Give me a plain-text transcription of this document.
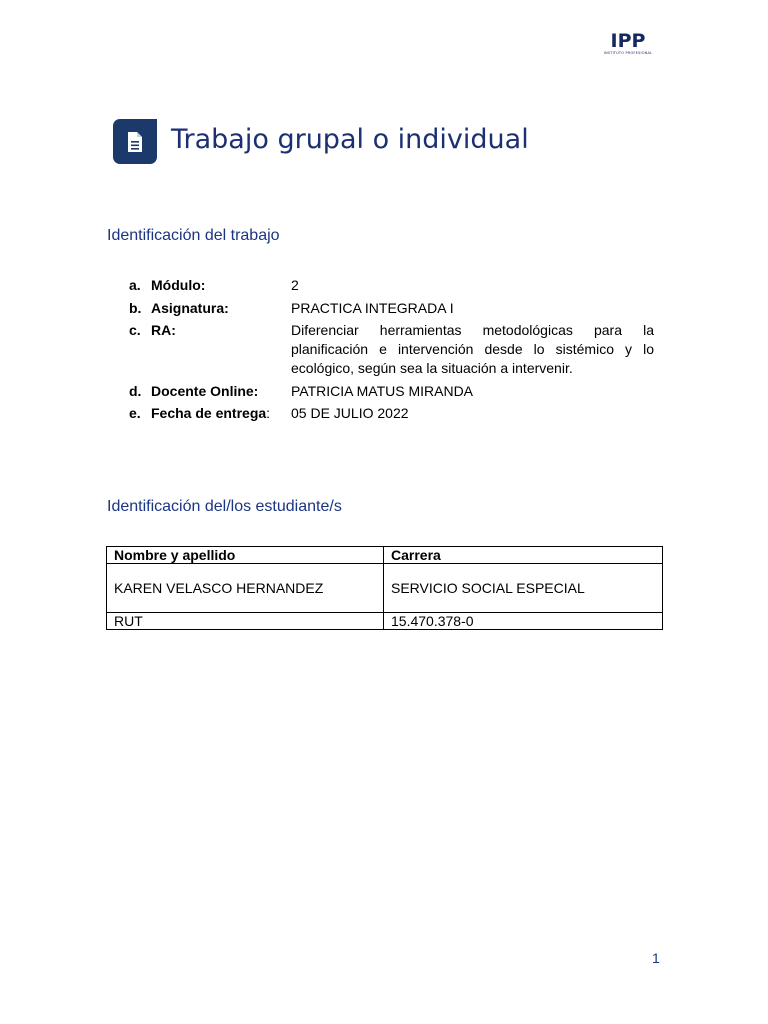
IPP
INSTITUTO PROFESIONAL
Trabajo grupal o individual
Identificación del trabajo
a. Módulo:	2
b. Asignatura:	PRACTICA INTEGRADA I
c. RA:	Diferenciar herramientas metodológicas para la planificación e intervención desde lo sistémico y lo ecológico, según sea la situación a intervenir.
d. Docente Online: PATRICIA MATUS MIRANDA
e. Fecha de entrega: 05 DE JULIO 2022
Identificación del/los estudiante/s
Nombre y apellido	Carrera
KAREN VELASCO HERNANDEZ	SERVICIO SOCIAL ESPECIAL
RUT	15.470.378-0
1
